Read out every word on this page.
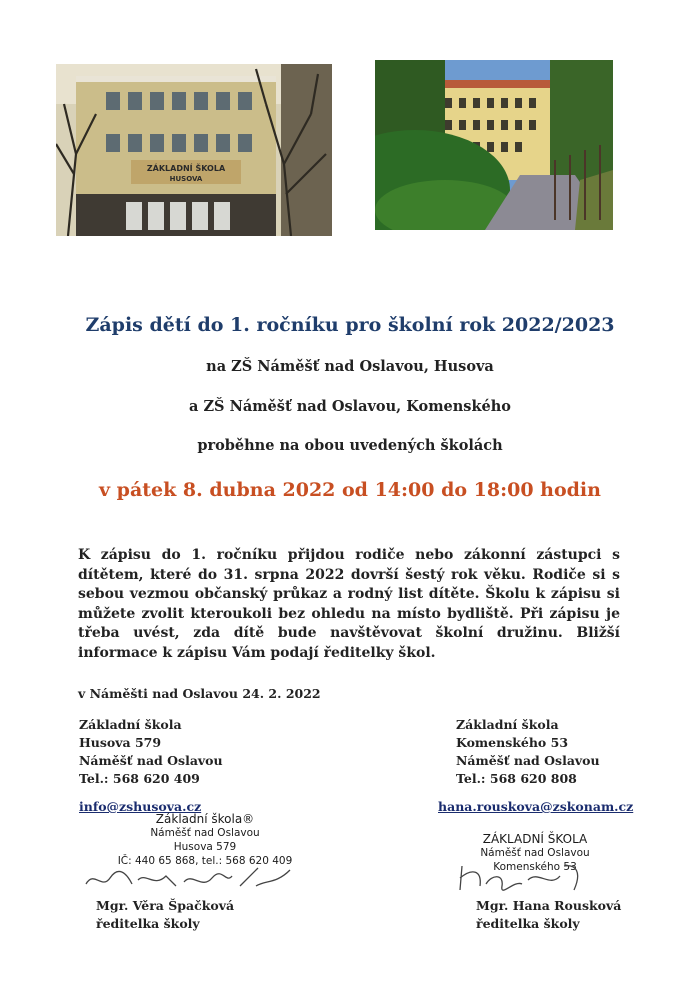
ZÁKLADNÍ ŠKOLA
HUSOVA
Zápis dětí do 1. ročníku pro školní rok 2022/2023
na ZŠ Náměšť nad Oslavou, Husova
a ZŠ Náměšť nad Oslavou, Komenského
proběhne na obou uvedených školách
v pátek 8. dubna 2022 od 14:00 do 18:00 hodin
K zápisu do 1. ročníku přijdou rodiče nebo zákonní zástupci s dítětem, které do 31. srpna 2022 dovrší šestý rok věku. Rodiče si s sebou vezmou občanský průkaz a rodný list dítěte. Školu k zápisu si můžete zvolit kteroukoli bez ohledu na místo bydliště. Při zápisu je třeba uvést, zda dítě bude navštěvovat školní družinu. Bližší informace k zápisu Vám podají ředitelky škol.
v Náměšti nad Oslavou 24. 2. 2022
Základní škola
Husova 579
Náměšť nad Oslavou
Tel.: 568 620 409
Základní škola
Komenského 53
Náměšť nad Oslavou
Tel.: 568 620 808
info@zshusova.cz	hana.rouskova@zskonam.cz
Základní škola®
Náměšť nad Oslavou
Husova 579
IČ: 440 65 868, tel.: 568 620 409
ZÁKLADNÍ ŠKOLA
Náměšť nad Oslavou
Komenského 53
Mgr. Věra Špačková
ředitelka školy
Mgr. Hana Rousková
ředitelka školy
